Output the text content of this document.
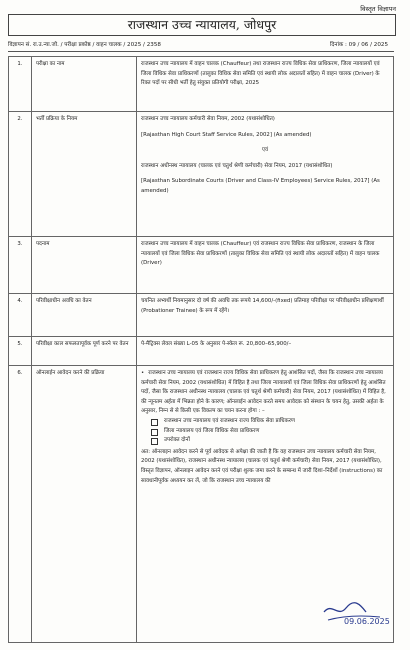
विस्तृत विज्ञापन
राजस्थान उच्च न्यायालय, जोधपुर
विज्ञापन सं. रा.उ.न्या.जो. / परीक्षा प्रकोष्ठ / वाहन चालक / 2025 / 2358	दिनांक : 09 / 06 / 2025
1.	परीक्षा का नाम	राजस्थान उच्च न्यायालय में वाहन चालक (Chauffeur) तथा राजस्थान राज्य विधिक सेवा प्राधिकरण, जिला न्यायालयों एवं जिला विधिक सेवा प्राधिकरणों (तालुका विधिक सेवा समिति एवं स्थायी लोक अदालतों सहित) में वाहन चालक (Driver) के रिक्त पदों पर सीधी भर्ती हेतु संयुक्त प्रतियोगी परीक्षा, 2025
2.	भर्ती प्रक्रिया के नियम	राजस्थान उच्च न्यायालय कर्मचारी सेवा नियम, 2002 (यथासंशोधित)
[Rajasthan High Court Staff Service Rules, 2002] (As amended)
एवं
राजस्थान अधीनस्थ न्यायालय (चालक एवं चतुर्थ श्रेणी कर्मचारी) सेवा नियम, 2017 (यथासंशोधित)
[Rajasthan Subordinate Courts (Driver and Class-IV Employees) Service Rules, 2017] (As amended)

3.	पदनाम	राजस्थान उच्च न्यायालय में वाहन चालक (Chauffeur) एवं राजस्थान राज्य विधिक सेवा प्राधिकरण, राजस्थान के जिला न्यायालयों एवं जिला विधिक सेवा प्राधिकरणों (तालुका विधिक सेवा समिति एवं स्थायी लोक अदालतों सहित) में वाहन चालक (Driver)
4.	परिवीक्षाधीन अवधि का वेतन	चयनित अभ्यर्थी नियमानुसार दो वर्ष की अवधि तक रूपये 14,600/-(fixed) प्रतिमाह परिवीक्षा पर परिवीक्षाधीन प्रशिक्षणार्थी (Probationer Trainee) के रूप में रहेंगे।
5.	परिवीक्षा काल सफलतापूर्वक पूर्ण करने पर वेतन	पे-मैट्रिक्स लेवल संख्या L-05 के अनुसार पे-स्केल रू. 20,800–65,900/–
6.	ऑनलाईन आवेदन करने की प्रक्रिया	• राजस्थान उच्च न्यायालय एवं राजस्थान राज्य विधिक सेवा प्राधिकरण हेतु आशंसित पदों, जैसा कि राजस्थान उच्च न्यायालय कर्मचारी सेवा नियम, 2002 (यथासंशोधित) में विहित है तथा जिला न्यायालयों एवं जिला विधिक सेवा प्राधिकरणों हेतु आशंसित पदों, जैसा कि राजस्थान अधीनस्थ न्यायालय (चालक एवं चतुर्थ श्रेणी कर्मचारी) सेवा नियम, 2017 (यथासंशोधित) में विहित है, की न्यूनतम अर्हता में भिन्नता होने के कारण; ऑनलाईन आवेदन करते समय आवेदक को संस्थान के चयन हेतु, उसकी अर्हता के अनुसार, निम्न से से किसी एक विकल्प का चयन करना होगा : –
राजस्थान उच्च न्यायालय एवं राजस्थान राज्य विधिक सेवा प्राधिकरण
जिला न्यायालय एवं जिला विधिक सेवा प्राधिकरण
उपरोक्त दोनों
अत: ऑनलाइन आवेदन करने से पूर्व आवेदक से अपेक्षा की जाती है कि वह राजस्थान उच्च न्यायालय कर्मचारी सेवा नियम, 2002 (यथासंशोधित), राजस्थान अधीनस्थ न्यायालय (चालक एवं चतुर्थ श्रेणी कर्मचारी) सेवा नियम, 2017 (यथासंशोधित), विस्तृत विज्ञापन, ऑनलाइन आवेदन करने एवं परीक्षा शुल्क जमा करने के सम्बन्ध में जारी दिशा–निर्देशों (instructions) का सावधानीपूर्वक अध्ययन कर लें, जो कि राजस्थान उच्च न्यायालय की
09.06.2025
